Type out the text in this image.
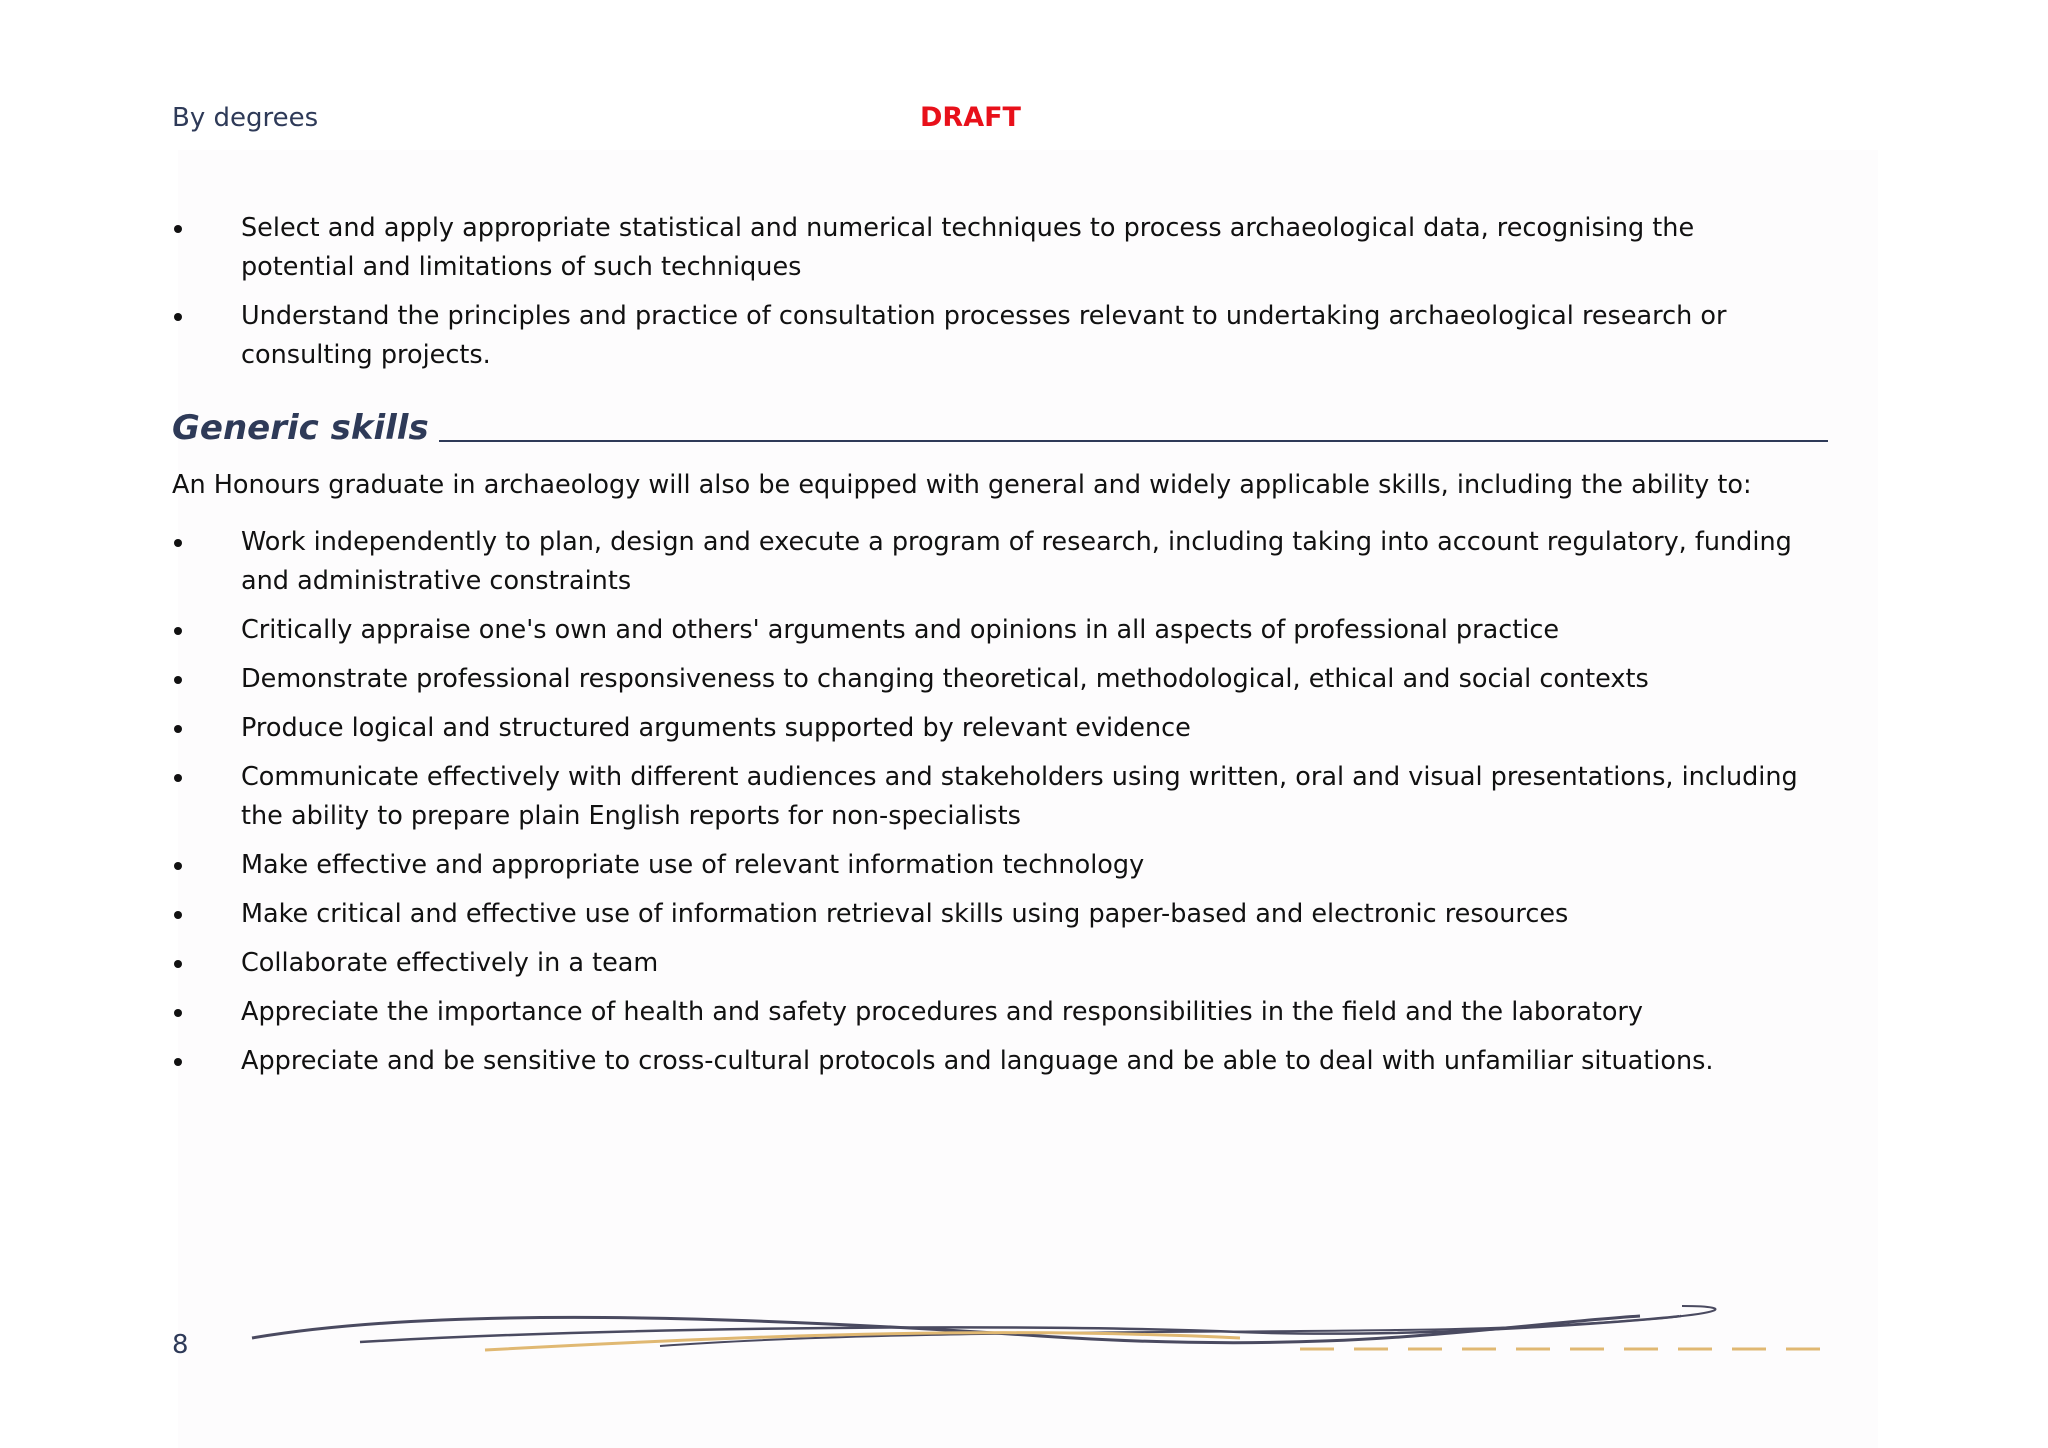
By degrees	DRAFT
Select and apply appropriate statistical and numerical techniques to process archaeological data, recognising the potential and limitations of such techniques
Understand the principles and practice of consultation processes relevant to undertaking archaeological research or consulting projects.
Generic skills
An Honours graduate in archaeology will also be equipped with general and widely applicable skills, including the ability to:
Work independently to plan, design and execute a program of research, including taking into account regulatory, funding and administrative constraints
Critically appraise one's own and others' arguments and opinions in all aspects of professional practice
Demonstrate professional responsiveness to changing theoretical, methodological, ethical and social contexts
Produce logical and structured arguments supported by relevant evidence
Communicate effectively with different audiences and stakeholders using written, oral and visual presentations, including the ability to prepare plain English reports for non-specialists
Make effective and appropriate use of relevant information technology
Make critical and effective use of information retrieval skills using paper-based and electronic resources
Collaborate effectively in a team
Appreciate the importance of health and safety procedures and responsibilities in the field and the laboratory
Appreciate and be sensitive to cross-cultural protocols and language and be able to deal with unfamiliar situations.
8
